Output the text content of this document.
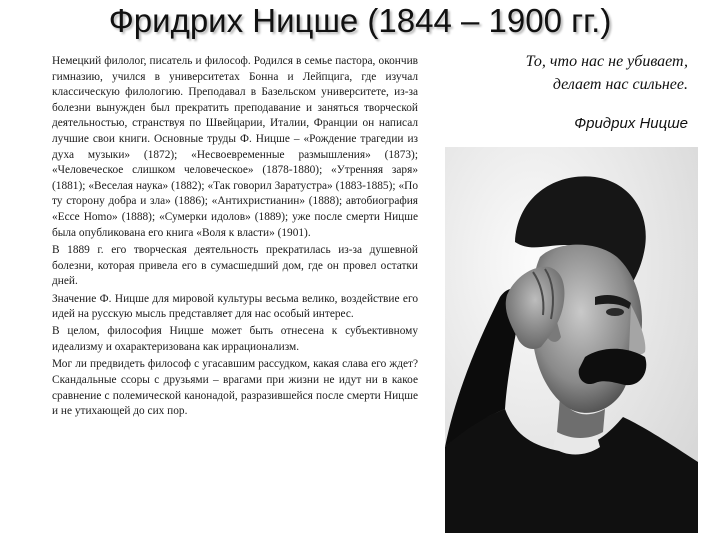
Фридрих Ницше (1844 – 1900 гг.)

Немецкий филолог, писатель и философ. Родился в семье пастора, окончив гимназию, учился в университетах Бонна и Лейпцига, где изучал классическую филологию. Преподавал в Базельском университете, из-за болезни вынужден был прекратить преподавание и заняться творческой деятельностью, странствуя по Швейцарии, Италии, Франции он написал лучшие свои книги. Основные труды Ф. Ницше – «Рождение трагедии из духа музыки» (1872); «Несвоевременные размышления» (1873); «Человеческое слишком человеческое» (1878-1880); «Утренняя заря» (1881); «Веселая наука» (1882); «Так говорил Заратустра» (1883-1885); «По ту сторону добра и зла» (1886); «Антихристианин» (1888); автобиография «Ecce Homo» (1888); «Сумерки идолов» (1889); уже после смерти Ницше была опубликована его книга «Воля к власти» (1901).

В 1889 г. его творческая деятельность прекратилась из-за душевной болезни, которая привела его в сумасшедший дом, где он провел остатки дней.

Значение Ф. Ницше для мировой культуры весьма велико, воздействие его идей на русскую мысль представляет для нас особый интерес.

В целом, философия Ницше может быть отнесена к субъективному идеализму и охарактеризована как иррационализм.

Мог ли предвидеть философ с угасавшим рассудком, какая слава его ждет? Скандальные ссоры с друзьями – врагами при жизни не идут ни в какое сравнение с полемической канонадой, разразившейся после смерти Ницше и не утихающей до сих пор.

То, что нас не убивает,
делает нас сильнее.
Фридрих Ницше
